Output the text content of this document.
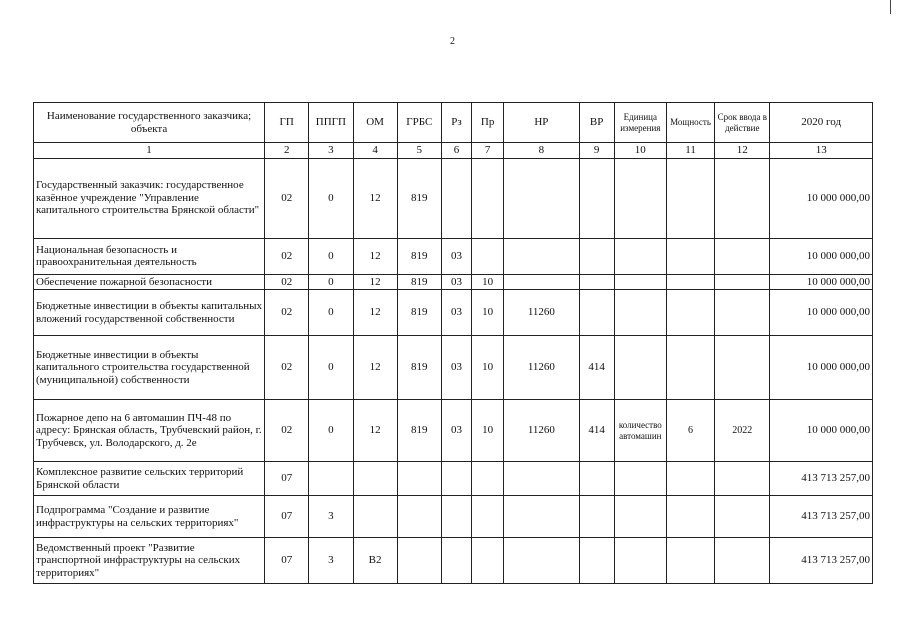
2
Наименование государственного заказчика; объекта	ГП	ППГП	ОМ	ГРБС	Рз	Пр	НР	ВР	Единица измерения	Мощность	Срок ввода в действие	2020 год
1	2	3	4	5	6	7	8	9	10	11	12	13
Государственный заказчик: государственное казённое учреждение "Управление капитального строительства Брянской области"	02	0	12	819								10 000 000,00
Национальная безопасность и правоохранительная деятельность	02	0	12	819	03							10 000 000,00
Обеспечение пожарной безопасности	02	0	12	819	03	10						10 000 000,00
Бюджетные инвестиции в объекты капитальных вложений государственной собственности	02	0	12	819	03	10	11260					10 000 000,00
Бюджетные инвестиции в объекты капитального строительства государственной (муниципальной) собственности	02	0	12	819	03	10	11260	414				10 000 000,00
Пожарное депо на 6 автомашин ПЧ-48 по адресу: Брянская область, Трубчевский район, г. Трубчевск, ул. Володарского, д. 2е	02	0	12	819	03	10	11260	414	количество автомашин	6	2022	10 000 000,00
Комплексное развитие сельских территорий Брянской области	07											413 713 257,00
Подпрограмма "Создание и развитие инфраструктуры на сельских территориях"	07	3										413 713 257,00
Ведомственный проект "Развитие транспортной инфраструктуры на сельских территориях"	07	3	В2									413 713 257,00
